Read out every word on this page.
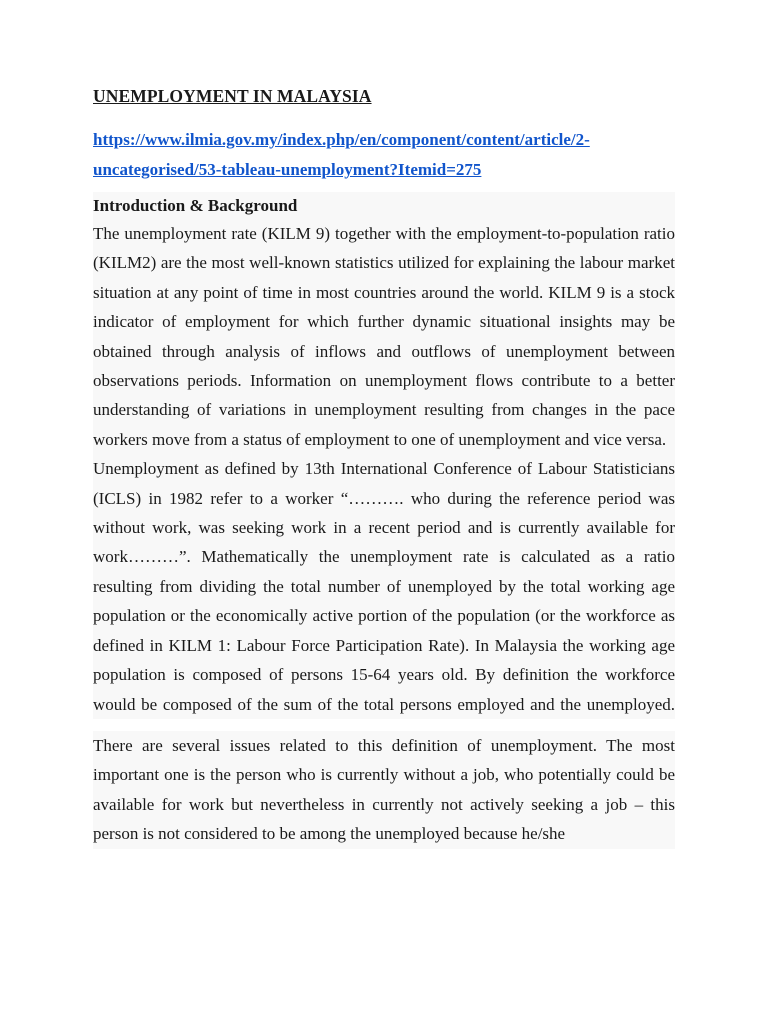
UNEMPLOYMENT IN MALAYSIA
https://www.ilmia.gov.my/index.php/en/component/content/article/2-uncategorised/53-tableau-unemployment?Itemid=275
Introduction & Background

The unemployment rate (KILM 9) together with the employment-to-population ratio (KILM2) are the most well-known statistics utilized for explaining the labour market situation at any point of time in most countries around the world. KILM 9 is a stock indicator of employment for which further dynamic situational insights may be obtained through analysis of inflows and outflows of unemployment between observations periods. Information on unemployment flows contribute to a better understanding of variations in unemployment resulting from changes in the pace workers move from a status of employment to one of unemployment and vice versa.

Unemployment as defined by 13th International Conference of Labour Statisticians (ICLS) in 1982 refer to a worker “………. who during the reference period was without work, was seeking work in a recent period and is currently available for work………”. Mathematically the unemployment rate is calculated as a ratio resulting from dividing the total number of unemployed by the total working age population or the economically active portion of the population (or the workforce as defined in KILM 1: Labour Force Participation Rate). In Malaysia the working age population is composed of persons 15-64 years old. By definition the workforce would be composed of the sum of the total persons employed and the unemployed.

There are several issues related to this definition of unemployment. The most important one is the person who is currently without a job, who potentially could be available for work but nevertheless in currently not actively seeking a job – this person is not considered to be among the unemployed because he/she
